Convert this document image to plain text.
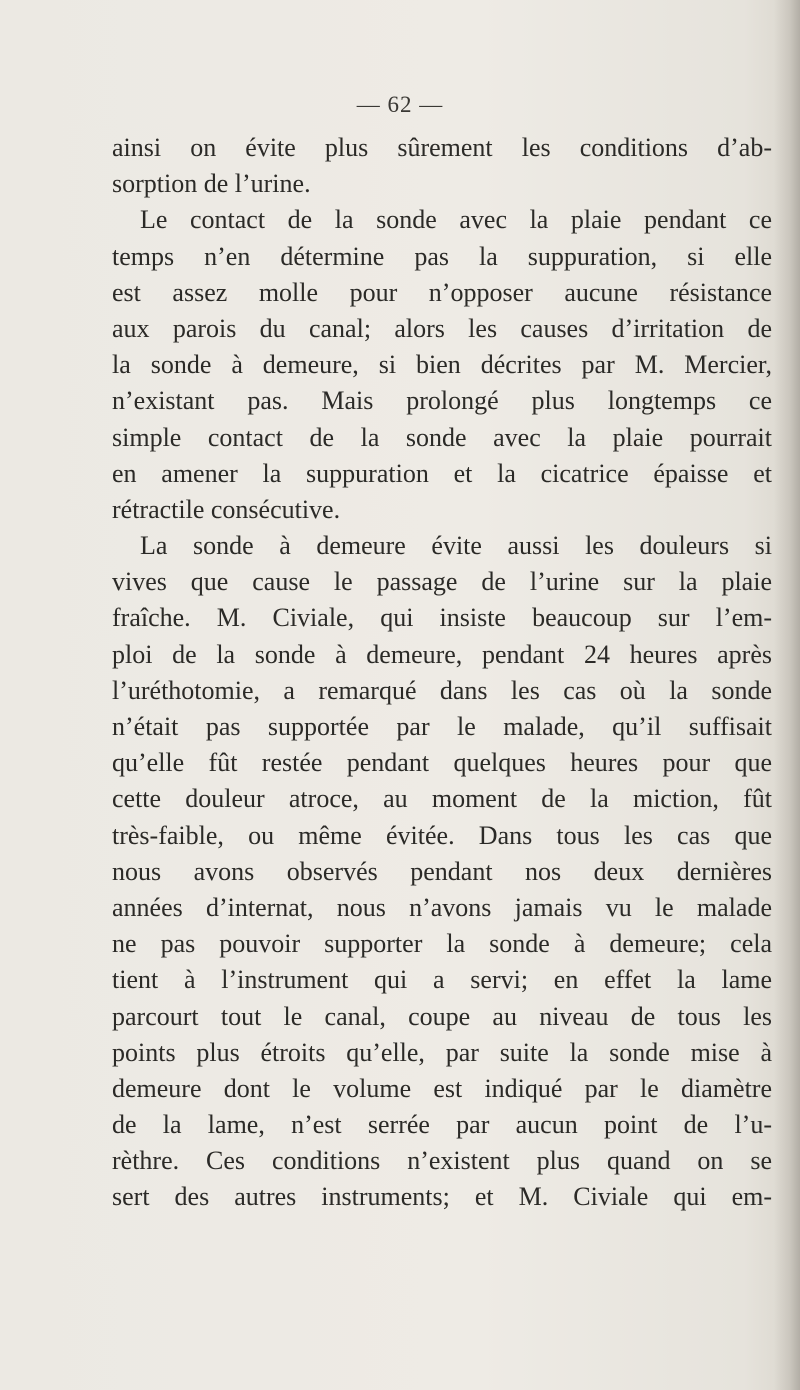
— 62 —
ainsi on évite plus sûrement les conditions d’ab-
sorption de l’urine.
Le contact de la sonde avec la plaie pendant ce
temps n’en détermine pas la suppuration, si elle
est assez molle pour n’opposer aucune résistance
aux parois du canal; alors les causes d’irritation de
la sonde à demeure, si bien décrites par M. Mercier,
n’existant pas. Mais prolongé plus longtemps ce
simple contact de la sonde avec la plaie pourrait
en amener la suppuration et la cicatrice épaisse et
rétractile consécutive.
La sonde à demeure évite aussi les douleurs si
vives que cause le passage de l’urine sur la plaie
fraîche. M. Civiale, qui insiste beaucoup sur l’em-
ploi de la sonde à demeure, pendant 24 heures après
l’uréthotomie, a remarqué dans les cas où la sonde
n’était pas supportée par le malade, qu’il suffisait
qu’elle fût restée pendant quelques heures pour que
cette douleur atroce, au moment de la miction, fût
très-faible, ou même évitée. Dans tous les cas que
nous avons observés pendant nos deux dernières
années d’internat, nous n’avons jamais vu le malade
ne pas pouvoir supporter la sonde à demeure; cela
tient à l’instrument qui a servi; en effet la lame
parcourt tout le canal, coupe au niveau de tous les
points plus étroits qu’elle, par suite la sonde mise à
demeure dont le volume est indiqué par le diamètre
de la lame, n’est serrée par aucun point de l’u-
rèthre. Ces conditions n’existent plus quand on se
sert des autres instruments; et M. Civiale qui em-
